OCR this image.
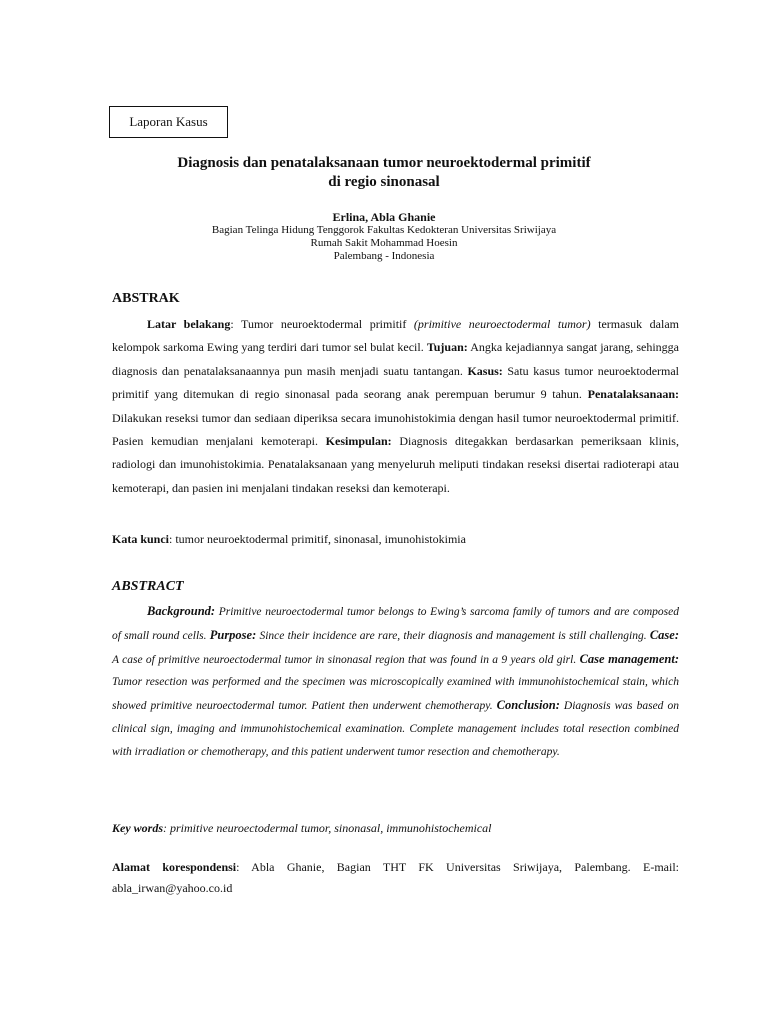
Laporan Kasus
Diagnosis dan penatalaksanaan tumor neuroektodermal primitif
di regio sinonasal
Erlina, Abla Ghanie
Bagian Telinga Hidung Tenggorok Fakultas Kedokteran Universitas Sriwijaya
Rumah Sakit Mohammad Hoesin
Palembang - Indonesia
ABSTRAK

Latar belakang: Tumor neuroektodermal primitif (primitive neuroectodermal tumor) termasuk dalam kelompok sarkoma Ewing yang terdiri dari tumor sel bulat kecil. Tujuan: Angka kejadiannya sangat jarang, sehingga diagnosis dan penatalaksanaannya pun masih menjadi suatu tantangan. Kasus: Satu kasus tumor neuroektodermal primitif yang ditemukan di regio sinonasal pada seorang anak perempuan berumur 9 tahun. Penatalaksanaan: Dilakukan reseksi tumor dan sediaan diperiksa secara imunohistokimia dengan hasil tumor neuroektodermal primitif. Pasien kemudian menjalani kemoterapi. Kesimpulan: Diagnosis ditegakkan berdasarkan pemeriksaan klinis, radiologi dan imunohistokimia. Penatalaksanaan yang menyeluruh meliputi tindakan reseksi disertai radioterapi atau kemoterapi, dan pasien ini menjalani tindakan reseksi dan kemoterapi.

Kata kunci: tumor neuroektodermal primitif, sinonasal, imunohistokimia

ABSTRACT

Background: Primitive neuroectodermal tumor belongs to Ewing’s sarcoma family of tumors and are composed of small round cells. Purpose: Since their incidence are rare, their diagnosis and management is still challenging. Case: A case of primitive neuroectodermal tumor in sinonasal region that was found in a 9 years old girl. Case management: Tumor resection was performed and the specimen was microscopically examined with immunohistochemical stain, which showed primitive neuroectodermal tumor. Patient then underwent chemotherapy. Conclusion: Diagnosis was based on clinical sign, imaging and immunohistochemical examination. Complete management includes total resection combined with irradiation or chemotherapy, and this patient underwent tumor resection and chemotherapy.

Key words: primitive neuroectodermal tumor, sinonasal, immunohistochemical

Alamat korespondensi: Abla Ghanie, Bagian THT FK Universitas Sriwijaya, Palembang. E-mail: abla_irwan@yahoo.co.id
